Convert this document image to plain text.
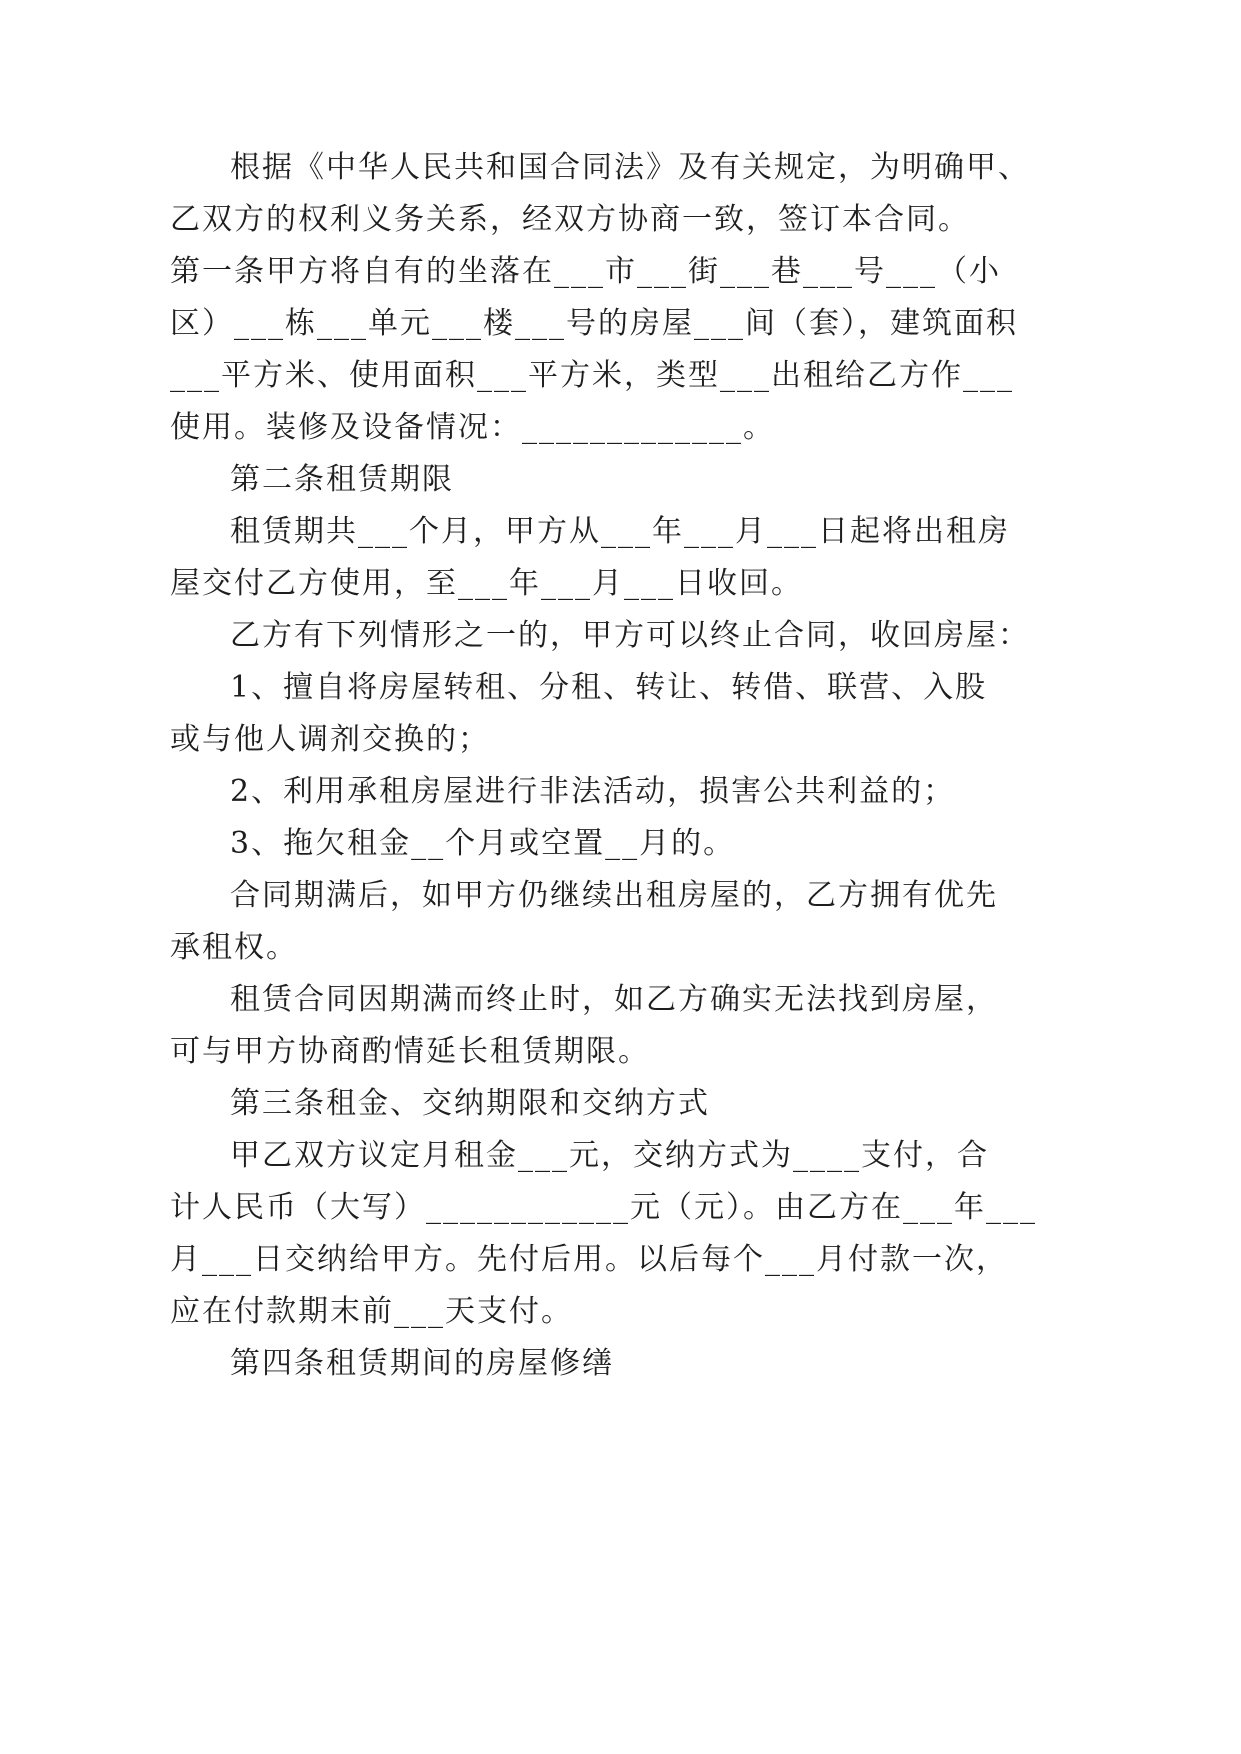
根据《中华人民共和国合同法》及有关规定，为明确甲、

乙双方的权利义务关系，经双方协商一致，签订本合同。

第一条甲方将自有的坐落在___市___街___巷___号___（小

区）___栋___单元___楼___号的房屋___间（套），建筑面积

___平方米、使用面积___平方米，类型___出租给乙方作___

使用。装修及设备情况：_____________。

第二条租赁期限

租赁期共___个月，甲方从___年___月___日起将出租房

屋交付乙方使用，至___年___月___日收回。

乙方有下列情形之一的，甲方可以终止合同，收回房屋：

1、擅自将房屋转租、分租、转让、转借、联营、入股

或与他人调剂交换的；

2、利用承租房屋进行非法活动，损害公共利益的；

3、拖欠租金__个月或空置__月的。

合同期满后，如甲方仍继续出租房屋的，乙方拥有优先

承租权。

租赁合同因期满而终止时，如乙方确实无法找到房屋，

可与甲方协商酌情延长租赁期限。

第三条租金、交纳期限和交纳方式

甲乙双方议定月租金___元，交纳方式为____支付，合

计人民币（大写）____________元（元）。由乙方在___年___

月___日交纳给甲方。先付后用。以后每个___月付款一次，

应在付款期末前___天支付。

第四条租赁期间的房屋修缮
